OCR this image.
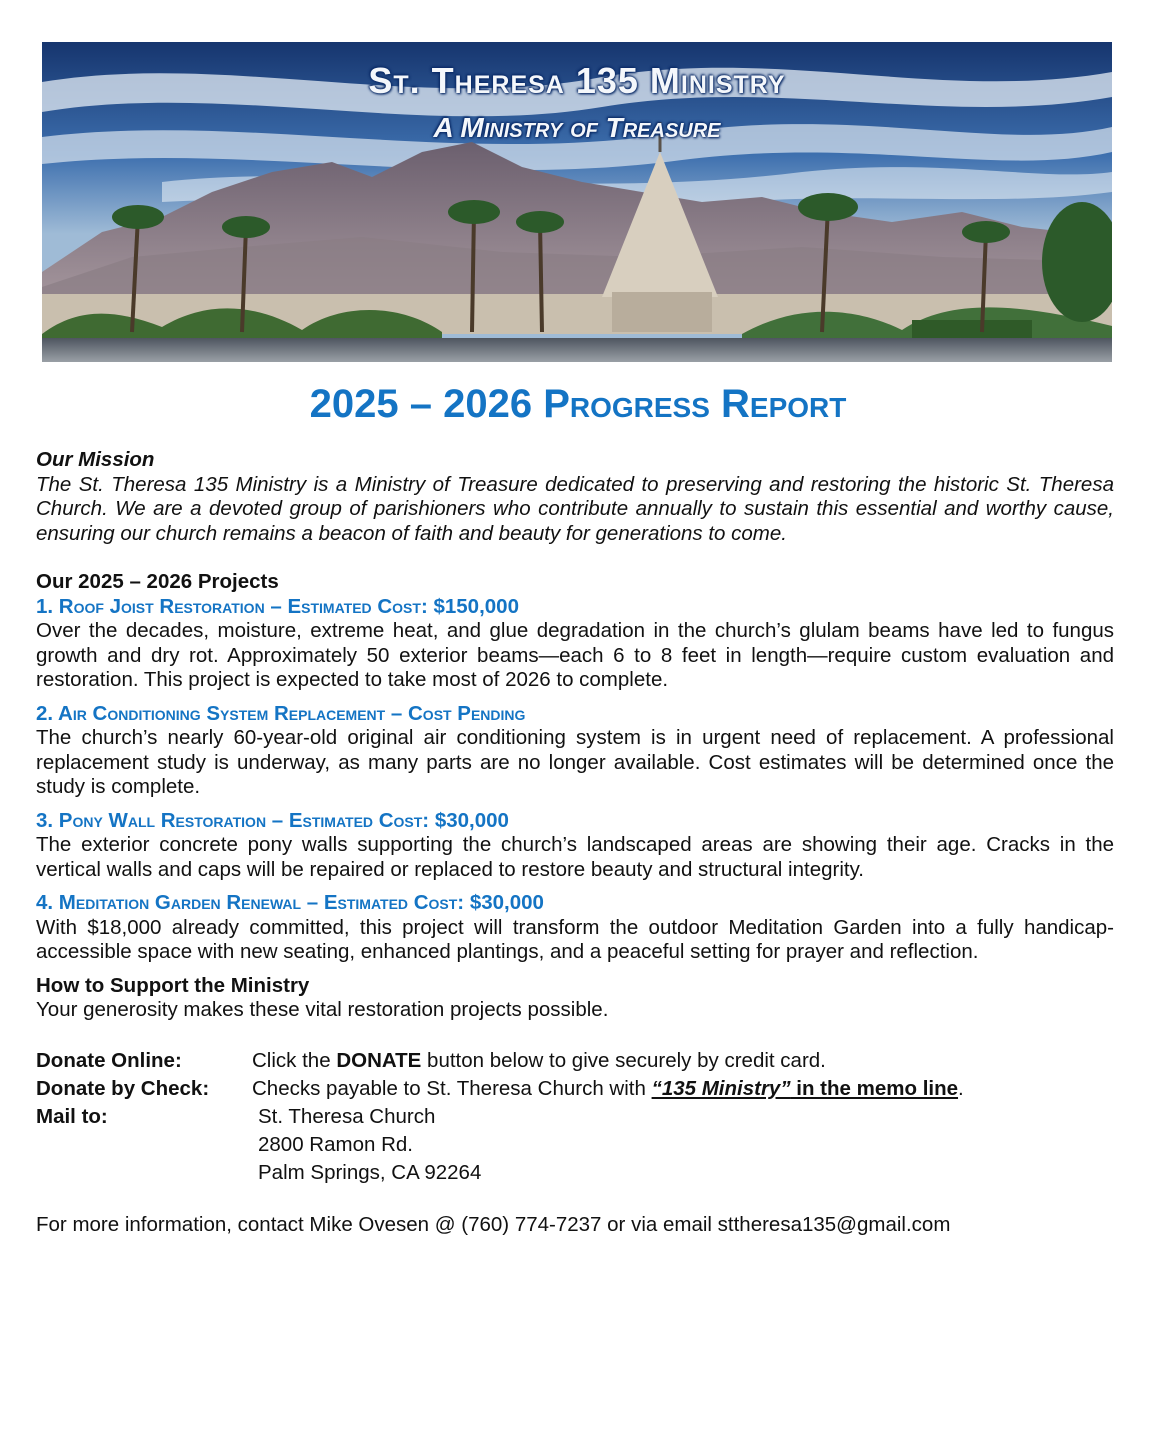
St. Theresa 135 Ministry
A Ministry of Treasure
2025 – 2026 Progress Report

Our Mission

The St. Theresa 135 Ministry is a Ministry of Treasure dedicated to preserving and restoring the historic St. Theresa Church. We are a devoted group of parishioners who contribute annually to sustain this essential and worthy cause, ensuring our church remains a beacon of faith and beauty for generations to come.

Our 2025 – 2026 Projects

1. Roof Joist Restoration – Estimated Cost: $150,000

Over the decades, moisture, extreme heat, and glue degradation in the church’s glulam beams have led to fungus growth and dry rot. Approximately 50 exterior beams—each 6 to 8 feet in length—require custom evaluation and restoration. This project is expected to take most of 2026 to complete.

2. Air Conditioning System Replacement – Cost Pending

The church’s nearly 60-year-old original air conditioning system is in urgent need of replacement. A professional replacement study is underway, as many parts are no longer available. Cost estimates will be determined once the study is complete.

3. Pony Wall Restoration – Estimated Cost: $30,000

The exterior concrete pony walls supporting the church’s landscaped areas are showing their age. Cracks in the vertical walls and caps will be repaired or replaced to restore beauty and structural integrity.

4. Meditation Garden Renewal – Estimated Cost: $30,000

With $18,000 already committed, this project will transform the outdoor Meditation Garden into a fully handicap-accessible space with new seating, enhanced plantings, and a peaceful setting for prayer and reflection.

How to Support the Ministry

Your generosity makes these vital restoration projects possible.

Donate Online:	Click the DONATE button below to give securely by credit card.
Donate by Check:	Checks payable to St. Theresa Church with “135 Ministry” in the memo line.
Mail to:	St. Theresa Church
2800 Ramon Rd.
Palm Springs, CA 92264

For more information, contact Mike Ovesen @ (760) 774-7237 or via email sttheresa135@gmail.com
